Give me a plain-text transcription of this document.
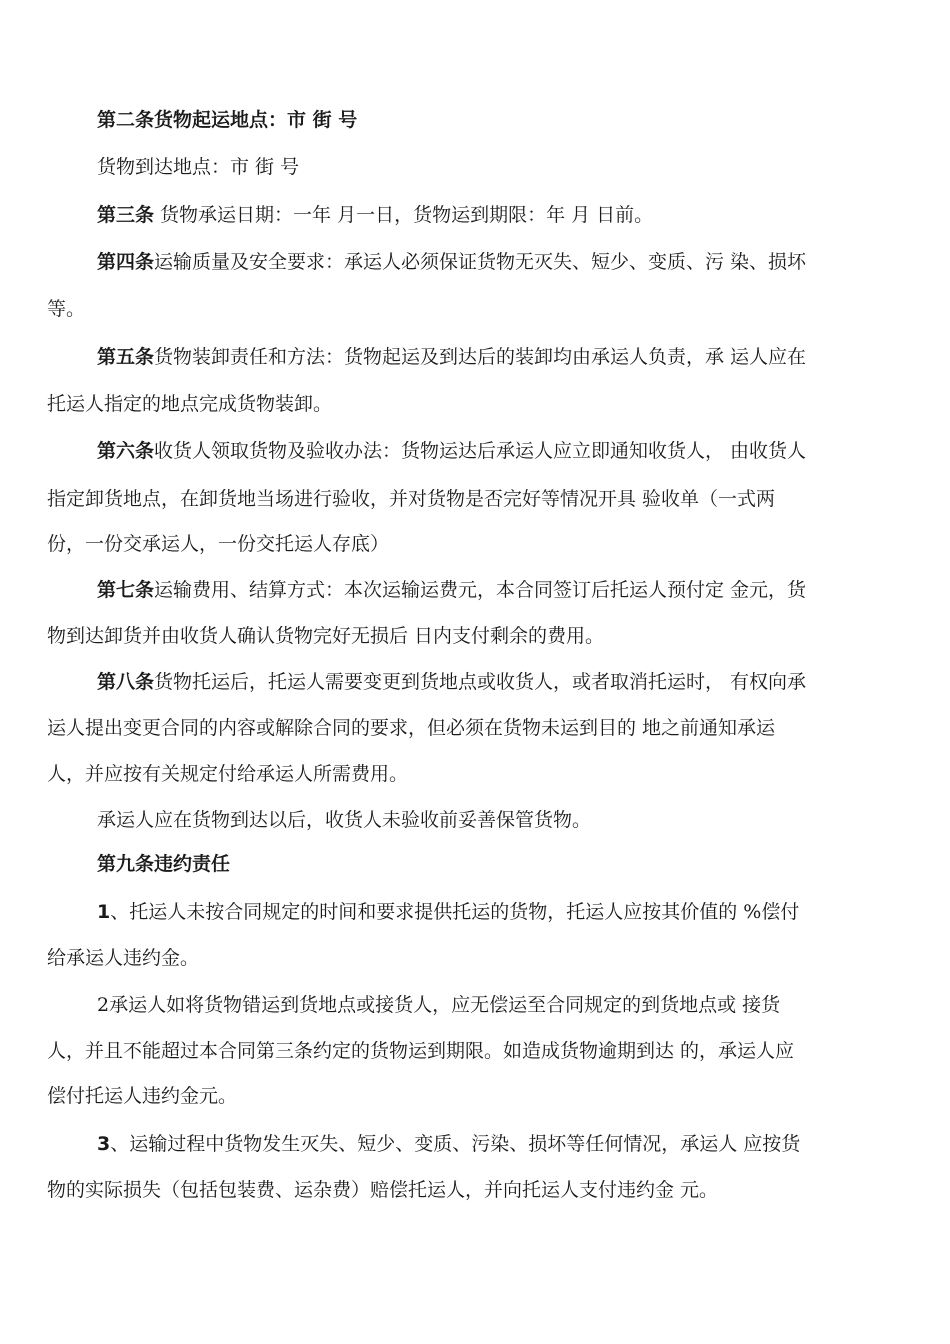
第二条货物起运地点：市 街 号
货物到达地点：市 街 号
第三条 货物承运日期：一年 月一日，货物运到期限：年 月 日前。
第四条运输质量及安全要求：承运人必须保证货物无灭失、短少、变质、污 染、损坏
等。
第五条货物装卸责任和方法：货物起运及到达后的装卸均由承运人负责，承 运人应在
托运人指定的地点完成货物装卸。
第六条收货人领取货物及验收办法：货物运达后承运人应立即通知收货人， 由收货人
指定卸货地点，在卸货地当场进行验收，并对货物是否完好等情况开具 验收单（一式两
份，一份交承运人，一份交托运人存底）
第七条运输费用、结算方式：本次运输运费元，本合同签订后托运人预付定 金元，货
物到达卸货并由收货人确认货物完好无损后 日内支付剩余的费用。
第八条货物托运后，托运人需要变更到货地点或收货人，或者取消托运时， 有权向承
运人提出变更合同的内容或解除合同的要求，但必须在货物未运到目的 地之前通知承运
人，并应按有关规定付给承运人所需费用。
承运人应在货物到达以后，收货人未验收前妥善保管货物。
第九条违约责任
1、托运人未按合同规定的时间和要求提供托运的货物，托运人应按其价值的 %偿付
给承运人违约金。
2承运人如将货物错运到货地点或接货人，应无偿运至合同规定的到货地点或 接货
人，并且不能超过本合同第三条约定的货物运到期限。如造成货物逾期到达 的，承运人应
偿付托运人违约金元。
3、运输过程中货物发生灭失、短少、变质、污染、损坏等任何情况，承运人 应按货
物的实际损失（包括包装费、运杂费）赔偿托运人，并向托运人支付违约金 元。
